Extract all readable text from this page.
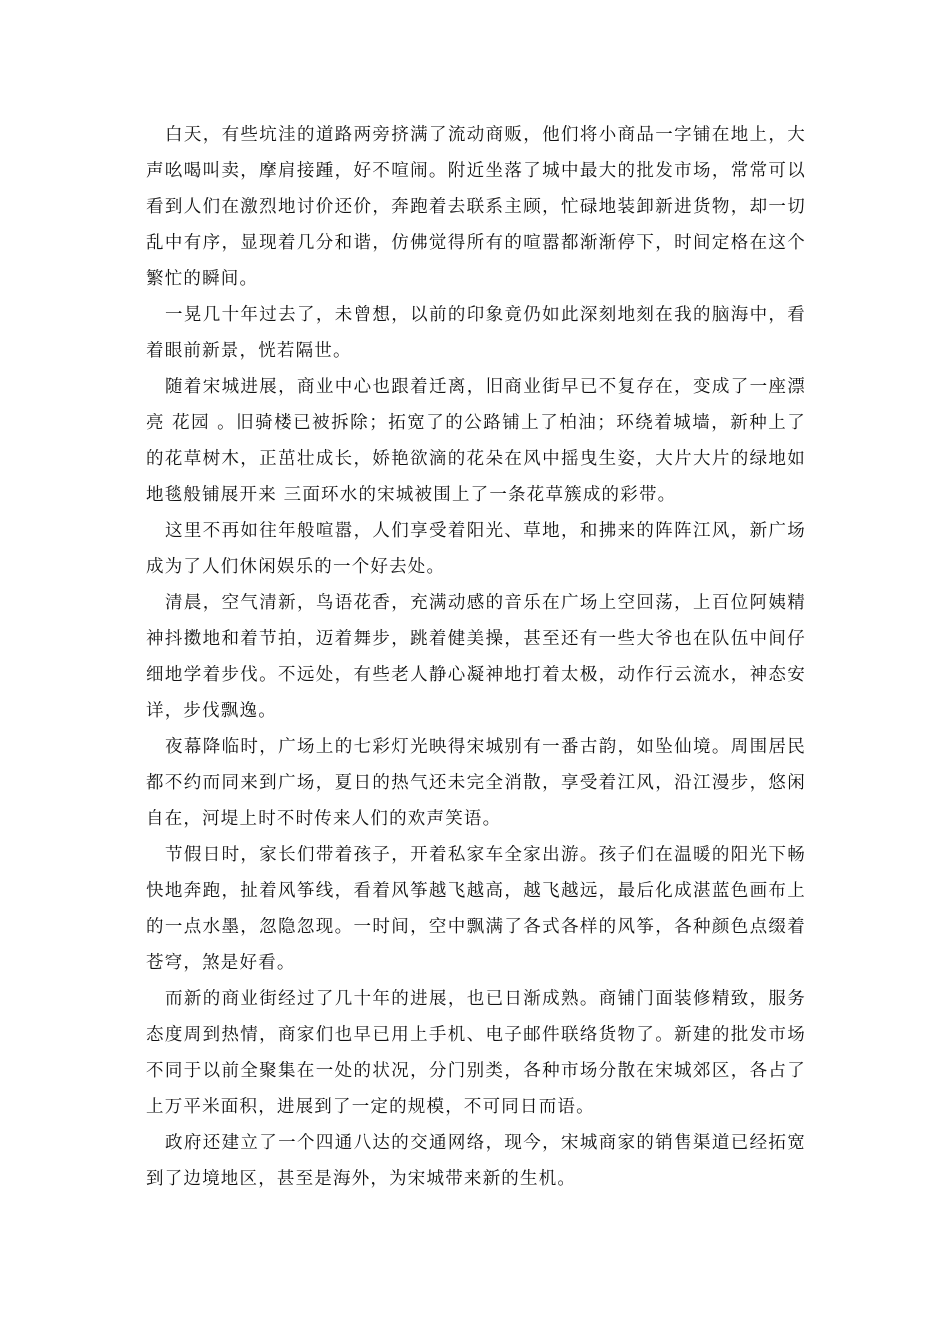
白天，有些坑洼的道路两旁挤满了流动商贩，他们将小商品一字铺在地上，大声吆喝叫卖，摩肩接踵，好不喧闹。附近坐落了城中最大的批发市场，常常可以看到人们在激烈地讨价还价，奔跑着去联系主顾，忙碌地装卸新进货物，却一切乱中有序，显现着几分和谐，仿佛觉得所有的喧嚣都渐渐停下，时间定格在这个繁忙的瞬间。

一晃几十年过去了，未曾想，以前的印象竟仍如此深刻地刻在我的脑海中，看着眼前新景，恍若隔世。

随着宋城进展，商业中心也跟着迁离，旧商业街早已不复存在，变成了一座漂亮 花园 。旧骑楼已被拆除；拓宽了的公路铺上了柏油；环绕着城墙，新种上了的花草树木，正茁壮成长，娇艳欲滴的花朵在风中摇曳生姿，大片大片的绿地如地毯般铺展开来 三面环水的宋城被围上了一条花草簇成的彩带。

这里不再如往年般喧嚣，人们享受着阳光、草地，和拂来的阵阵江风，新广场成为了人们休闲娱乐的一个好去处。

清晨，空气清新，鸟语花香，充满动感的音乐在广场上空回荡，上百位阿姨精神抖擞地和着节拍，迈着舞步，跳着健美操，甚至还有一些大爷也在队伍中间仔细地学着步伐。不远处，有些老人静心凝神地打着太极，动作行云流水，神态安详，步伐飘逸。

夜幕降临时，广场上的七彩灯光映得宋城别有一番古韵，如坠仙境。周围居民都不约而同来到广场，夏日的热气还未完全消散，享受着江风，沿江漫步，悠闲自在，河堤上时不时传来人们的欢声笑语。

节假日时，家长们带着孩子，开着私家车全家出游。孩子们在温暖的阳光下畅快地奔跑，扯着风筝线，看着风筝越飞越高，越飞越远，最后化成湛蓝色画布上的一点水墨，忽隐忽现。一时间，空中飘满了各式各样的风筝，各种颜色点缀着苍穹，煞是好看。

而新的商业街经过了几十年的进展，也已日渐成熟。商铺门面装修精致，服务态度周到热情，商家们也早已用上手机、电子邮件联络货物了。新建的批发市场不同于以前全聚集在一处的状况，分门别类，各种市场分散在宋城郊区，各占了上万平米面积，进展到了一定的规模，不可同日而语。

政府还建立了一个四通八达的交通网络，现今，宋城商家的销售渠道已经拓宽到了边境地区，甚至是海外，为宋城带来新的生机。
